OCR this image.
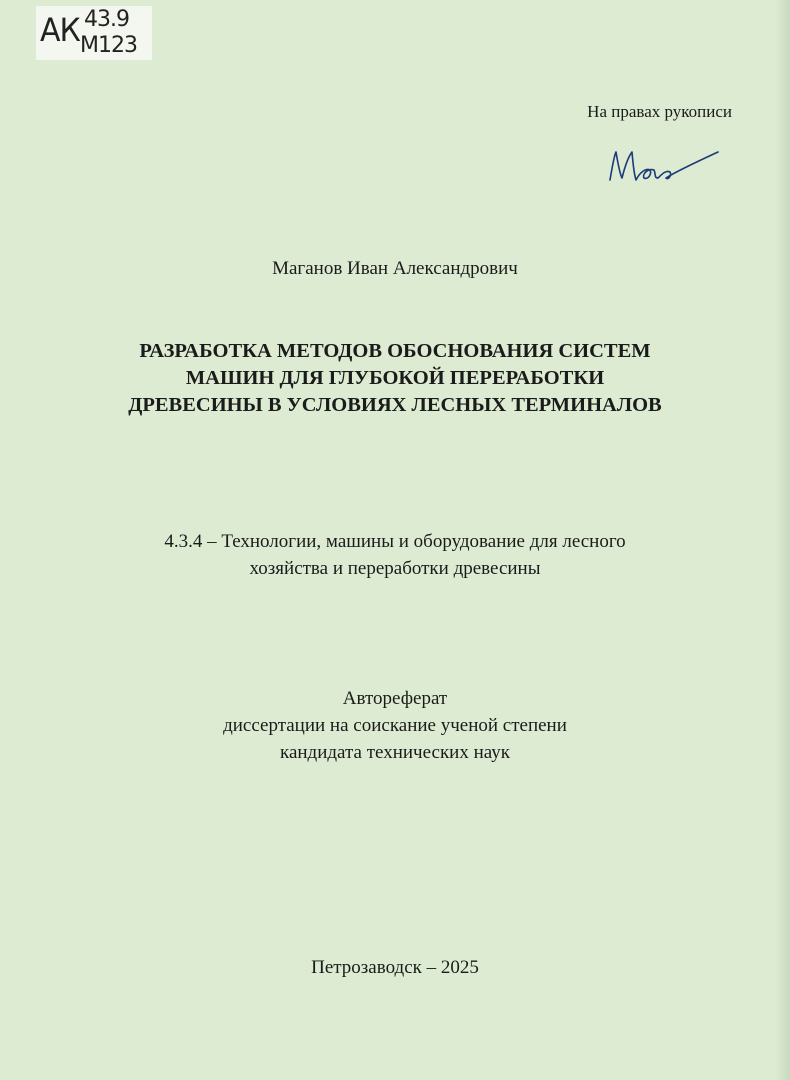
АК 43.9
М123
На правах рукописи
Маганов Иван Александрович
РАЗРАБОТКА МЕТОДОВ ОБОСНОВАНИЯ СИСТЕМ
МАШИН ДЛЯ ГЛУБОКОЙ ПЕРЕРАБОТКИ
ДРЕВЕСИНЫ В УСЛОВИЯХ ЛЕСНЫХ ТЕРМИНАЛОВ
4.3.4 – Технологии, машины и оборудование для лесного
хозяйства и переработки древесины
Автореферат
диссертации на соискание ученой степени
кандидата технических наук
Петрозаводск – 2025
